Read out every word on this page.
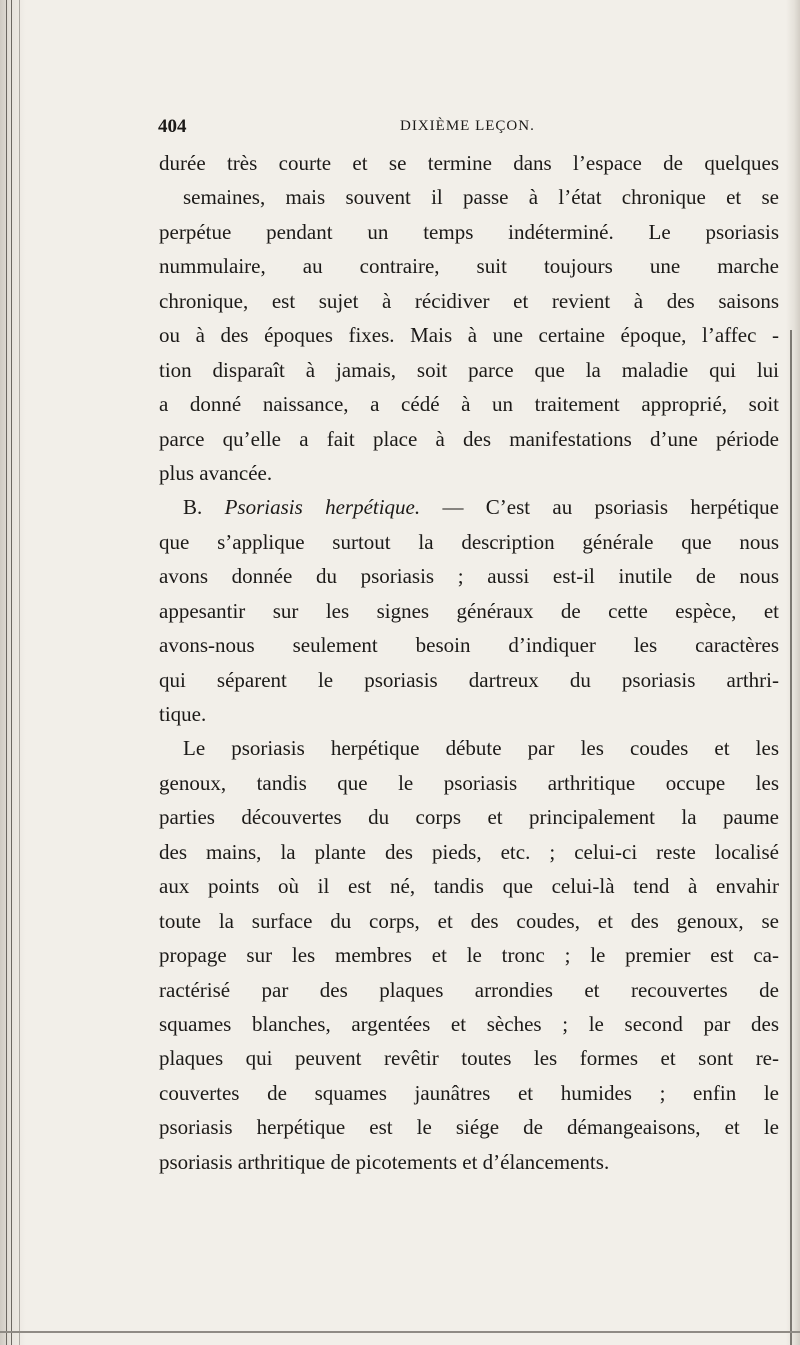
404	DIXIÈME LEÇON.
durée très courte et se termine dans l’espace de quelques
semaines, mais souvent il passe à l’état chronique et se
perpétue pendant un temps indéterminé. Le psoriasis
nummulaire, au contraire, suit toujours une marche
chronique, est sujet à récidiver et revient à des saisons
ou à des époques fixes. Mais à une certaine époque, l’affec -
tion disparaît à jamais, soit parce que la maladie qui lui
a donné naissance, a cédé à un traitement approprié, soit
parce qu’elle a fait place à des manifestations d’une période
plus avancée.
B. Psoriasis herpétique. — C’est au psoriasis herpétique
que s’applique surtout la description générale que nous
avons donnée du psoriasis ; aussi est-il inutile de nous
appesantir sur les signes généraux de cette espèce, et
avons-nous seulement besoin d’indiquer les caractères
qui séparent le psoriasis dartreux du psoriasis arthri-
tique.
Le psoriasis herpétique débute par les coudes et les
genoux, tandis que le psoriasis arthritique occupe les
parties découvertes du corps et principalement la paume
des mains, la plante des pieds, etc. ; celui-ci reste localisé
aux points où il est né, tandis que celui-là tend à envahir
toute la surface du corps, et des coudes, et des genoux, se
propage sur les membres et le tronc ; le premier est ca-
ractérisé par des plaques arrondies et recouvertes de
squames blanches, argentées et sèches ; le second par des
plaques qui peuvent revêtir toutes les formes et sont re-
couvertes de squames jaunâtres et humides ; enfin le
psoriasis herpétique est le siége de démangeaisons, et le
psoriasis arthritique de picotements et d’élancements.
